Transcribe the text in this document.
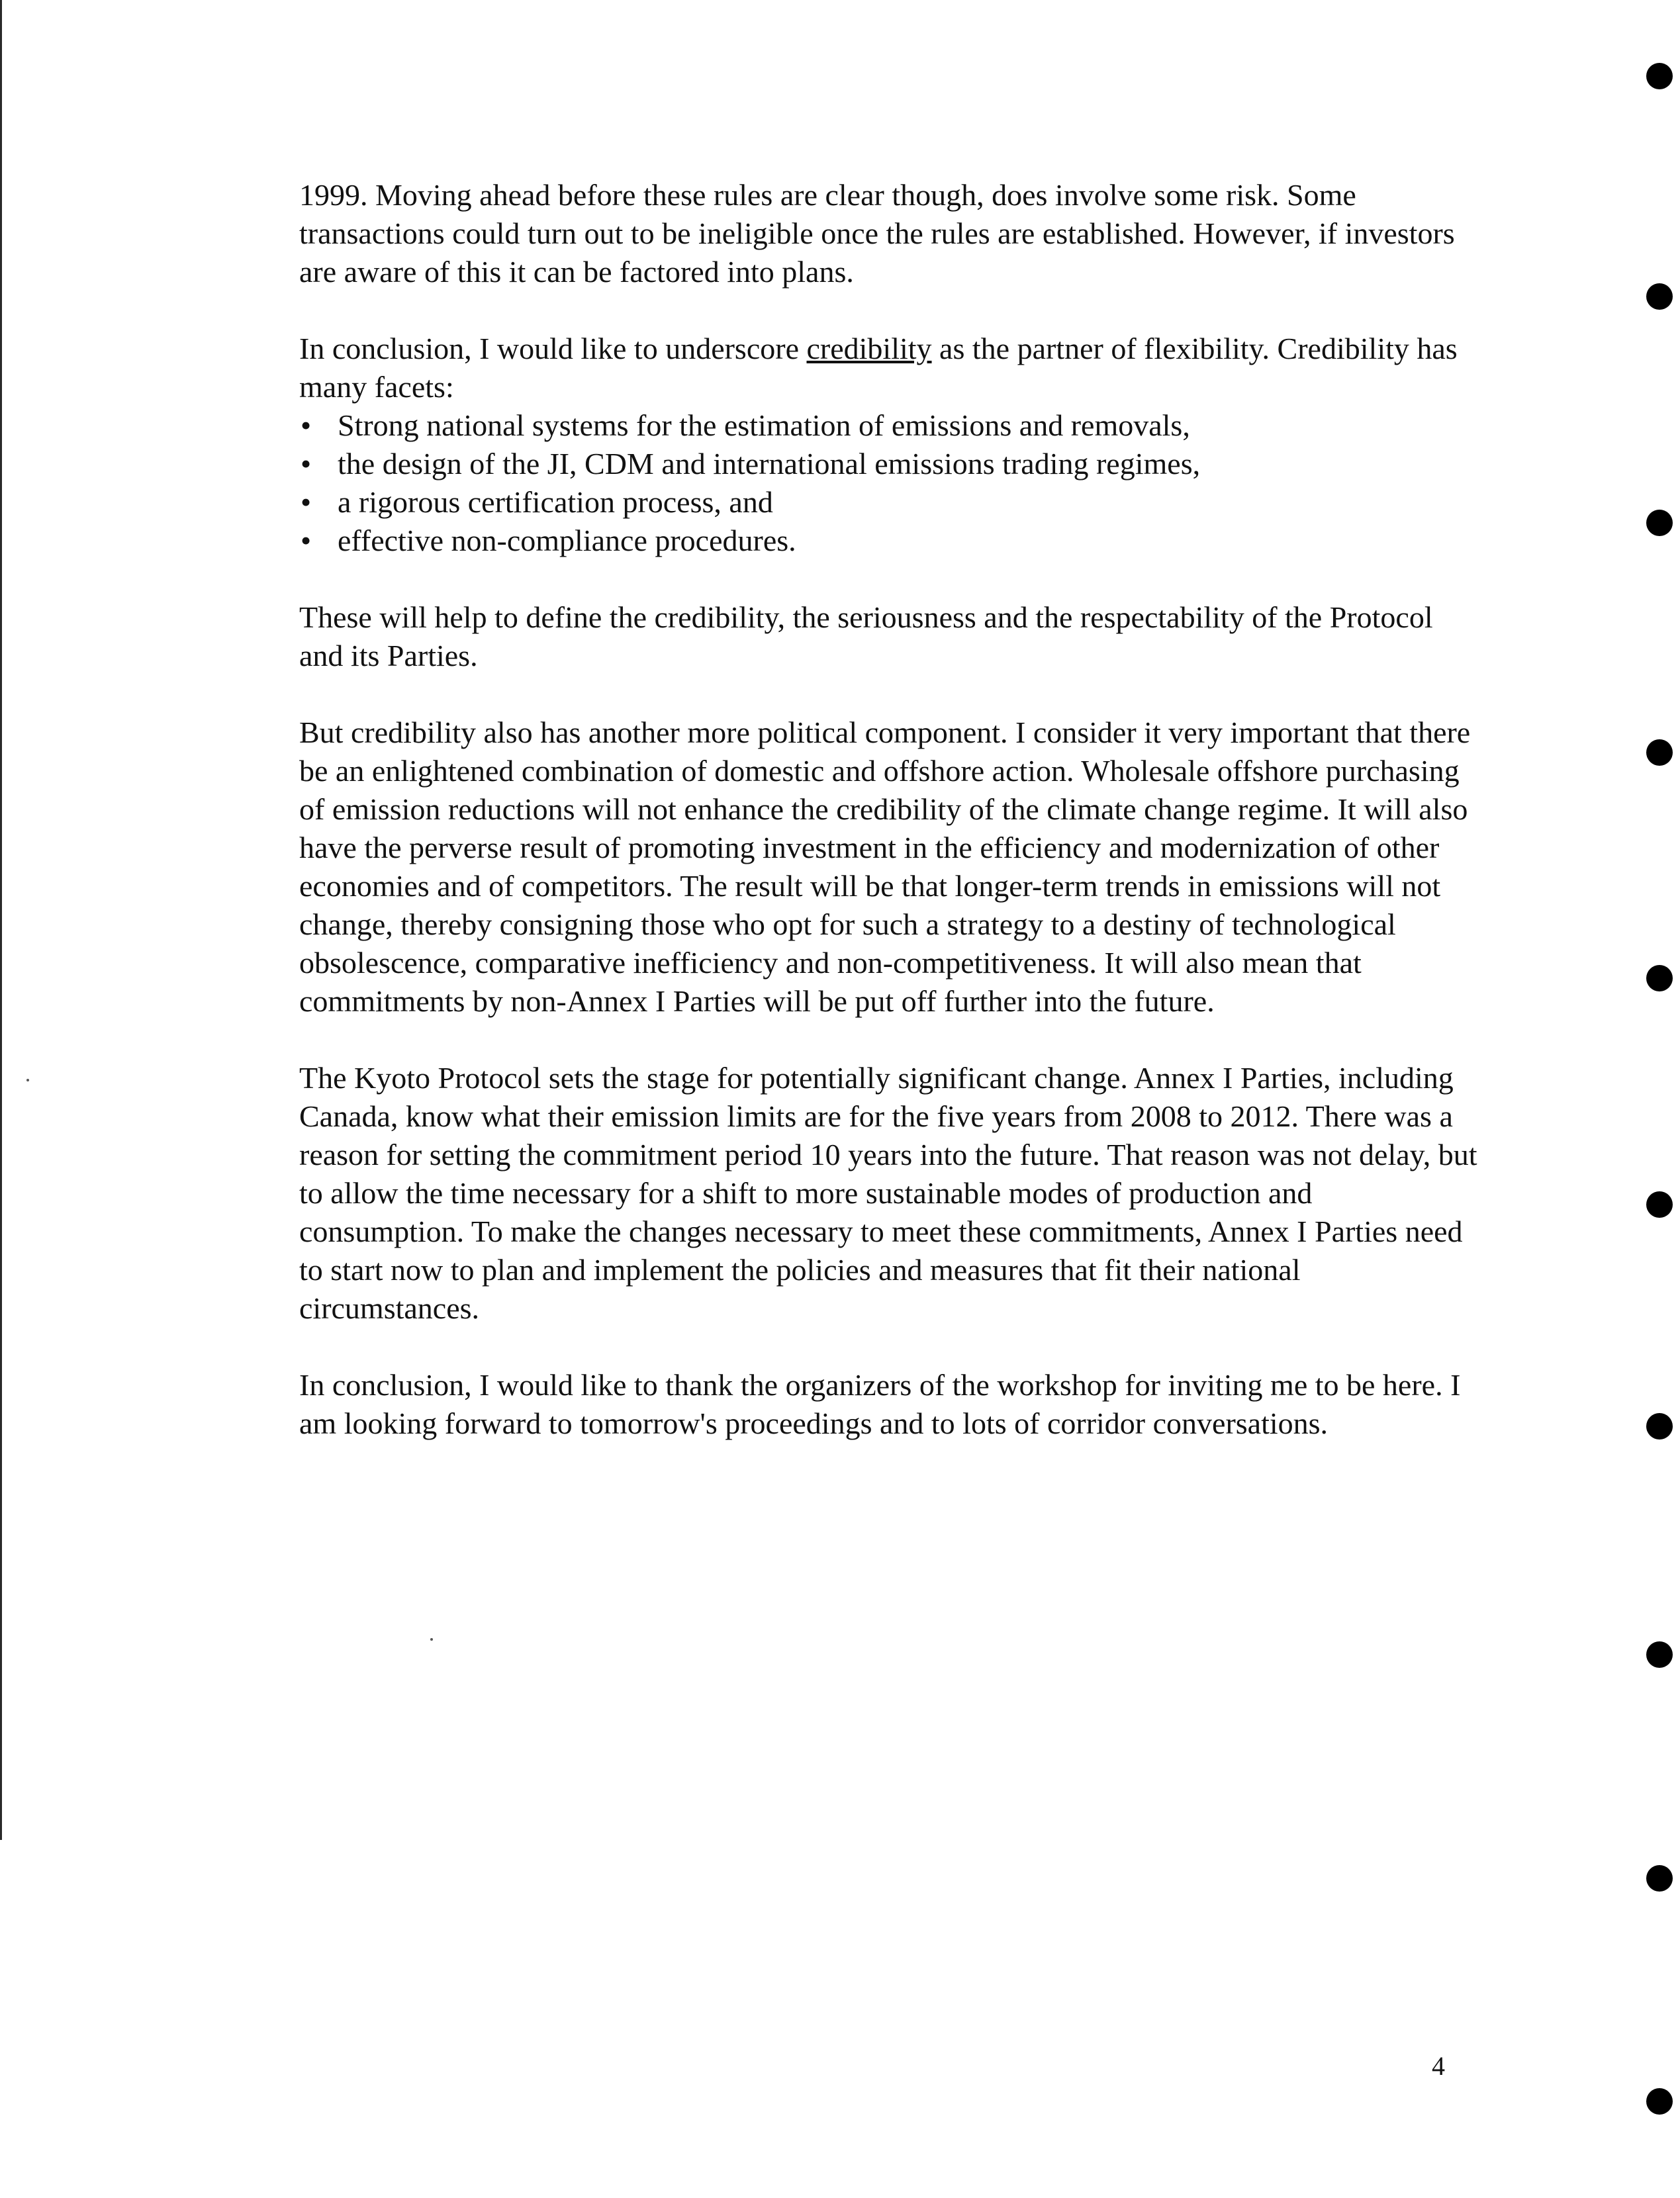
1999. Moving ahead before these rules are clear though, does involve some risk. Some transactions could turn out to be ineligible once the rules are established. However, if investors are aware of this it can be factored into plans.

In conclusion, I would like to underscore credibility as the partner of flexibility. Credibility has many facets:

• Strong national systems for the estimation of emissions and removals,
• the design of the JI, CDM and international emissions trading regimes,
• a rigorous certification process, and
• effective non-compliance procedures.

These will help to define the credibility, the seriousness and the respectability of the Protocol and its Parties.

But credibility also has another more political component. I consider it very important that there be an enlightened combination of domestic and offshore action. Wholesale offshore purchasing of emission reductions will not enhance the credibility of the climate change regime. It will also have the perverse result of promoting investment in the efficiency and modernization of other economies and of competitors. The result will be that longer-term trends in emissions will not change, thereby consigning those who opt for such a strategy to a destiny of technological obsolescence, comparative inefficiency and non-competitiveness. It will also mean that commitments by non-Annex I Parties will be put off further into the future.

The Kyoto Protocol sets the stage for potentially significant change. Annex I Parties, including Canada, know what their emission limits are for the five years from 2008 to 2012. There was a reason for setting the commitment period 10 years into the future. That reason was not delay, but to allow the time necessary for a shift to more sustainable modes of production and consumption. To make the changes necessary to meet these commitments, Annex I Parties need to start now to plan and implement the policies and measures that fit their national circumstances.

In conclusion, I would like to thank the organizers of the workshop for inviting me to be here. I am looking forward to tomorrow's proceedings and to lots of corridor conversations.

4
